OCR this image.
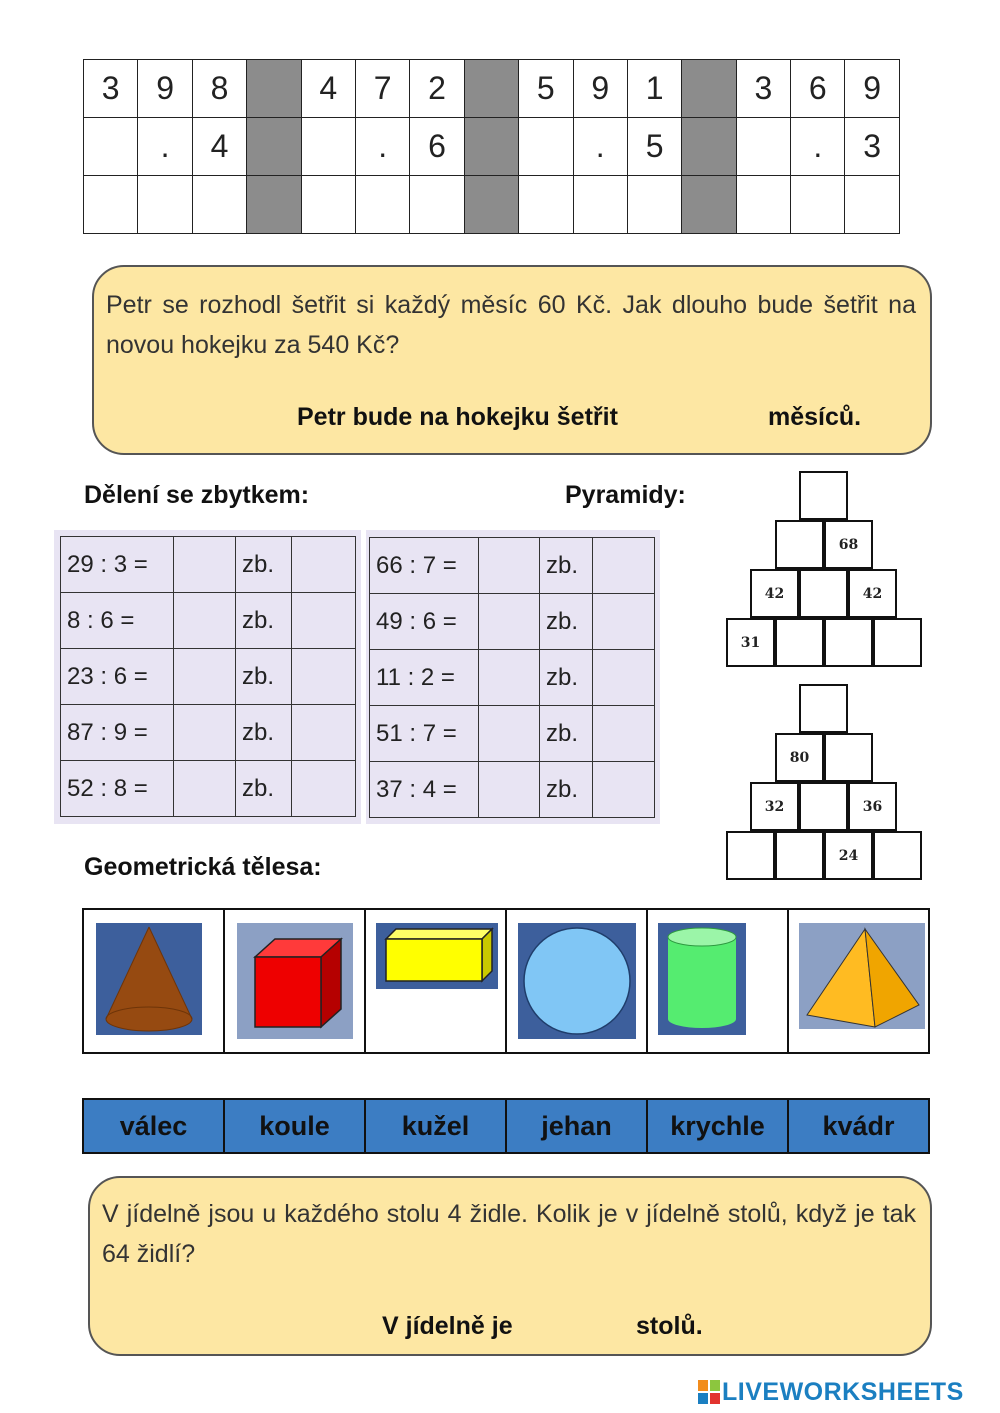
3	9	8		4	7	2		5	9	1		3	6	9
	.	4			.	6			.	5			.	3

Petr se rozhodl šetřit si každý měsíc 60 Kč. Jak dlouho bude šetřit na novou hokejku za 540 Kč?
Petr bude na hokejku šetřit	měsíců.
Dělení se zbytkem:	Pyramidy:
29 : 3 =		zb.	
8 : 6 =		zb.	
23 : 6 =		zb.	
87 : 9 =		zb.	
52 : 8 =		zb.	
66 : 7 =		zb.	
49 : 6 =		zb.	
11 : 2 =		zb.	
51 : 7 =		zb.	
37 : 4 =		zb.	
68
42	42
31
80
32	36
24
Geometrická tělesa:

válec	koule	kužel	jehan	krychle	kvádr
V jídelně jsou u každého stolu 4 židle. Kolik je v jídelně stolů, když je tak 64 židlí?
V jídelně je	stolů.
LIVEWORKSHEETS
